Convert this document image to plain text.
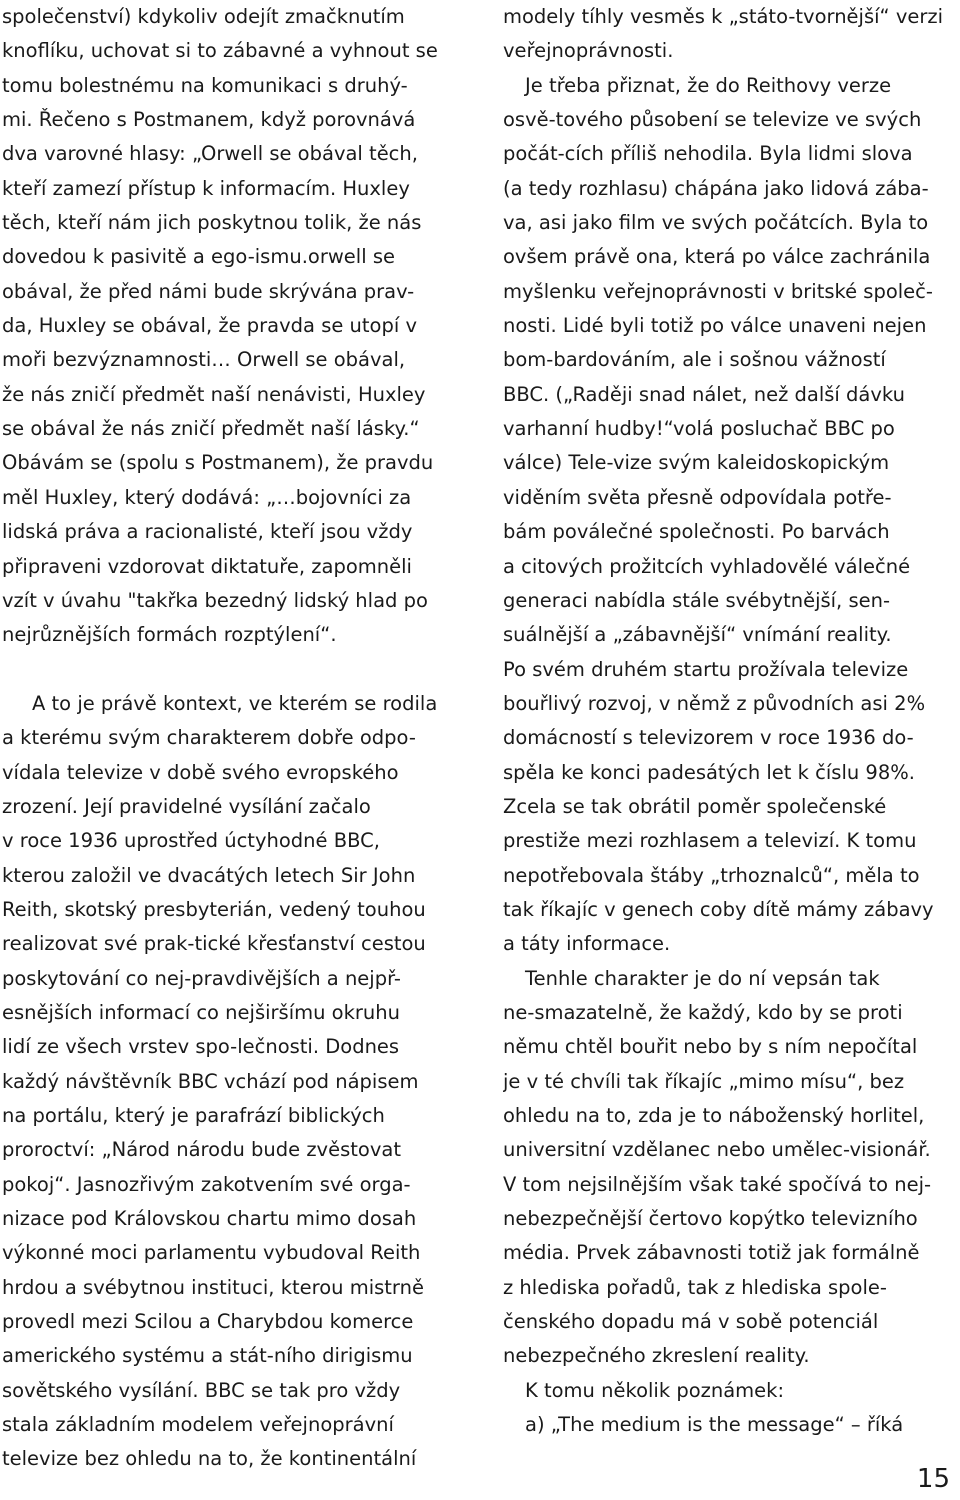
společenství) kdykoliv odejít zmačknutím
knoflíku, uchovat si to zábavné a vyhnout se
tomu bolestnému na komunikaci s druhý-
mi. Řečeno s Postmanem, když porovnává
dva varovné hlasy: „Orwell se obával těch,
kteří zamezí přístup k informacím. Huxley
těch, kteří nám jich poskytnou tolik, že nás
dovedou k pasivitě a ego-ismu.orwell se
obával, že před námi bude skrývána prav-
da, Huxley se obával, že pravda se utopí v
moři bezvýznamnosti… Orwell se obával,
že nás zničí předmět naší nenávisti, Huxley
se obával že nás zničí předmět naší lásky.“
Obávám se (spolu s Postmanem), že pravdu
měl Huxley, který dodává: „…bojovníci za
lidská práva a racionalisté, kteří jsou vždy
připraveni vzdorovat diktatuře, zapomněli
vzít v úvahu "takřka bezedný lidský hlad po
nejrůznějších formách rozptýlení“.
A to je právě kontext, ve kterém se rodila
a kterému svým charakterem dobře odpo-
vídala televize v době svého evropského
zrození. Její pravidelné vysílání začalo
v roce 1936 uprostřed úctyhodné BBC,
kterou založil ve dvacátých letech Sir John
Reith, skotský presbyterián, vedený touhou
realizovat své prak-tické křesťanství cestou
poskytování co nej-pravdivějších a nejpř-
esnějších informací co nejširšímu okruhu
lidí ze všech vrstev spo-lečnosti. Dodnes
každý návštěvník BBC vchází pod nápisem
na portálu, který je parafrází biblických
proroctví: „Národ národu bude zvěstovat
pokoj“. Jasnozřivým zakotvením své orga-
nizace pod Královskou chartu mimo dosah
výkonné moci parlamentu vybudoval Reith
hrdou a svébytnou instituci, kterou mistrně
provedl mezi Scilou a Charybdou komerce
amerického systému a stát-ního dirigismu
sovětského vysílání. BBC se tak pro vždy
stala základním modelem veřejnoprávní
televize bez ohledu na to, že kontinentální
modely tíhly vesměs k „státo-tvornější“ verzi
veřejnoprávnosti.
Je třeba přiznat, že do Reithovy verze
osvě-tového působení se televize ve svých
počát-cích příliš nehodila. Byla lidmi slova
(a tedy rozhlasu) chápána jako lidová zába-
va, asi jako film ve svých počátcích. Byla to
ovšem právě ona, která po válce zachránila
myšlenku veřejnoprávnosti v britské společ-
nosti. Lidé byli totiž po válce unaveni nejen
bom-bardováním, ale i sošnou vážností
BBC. („Raději snad nálet, než další dávku
varhanní hudby!“volá posluchač BBC po
válce) Tele-vize svým kaleidoskopickým
viděním světa přesně odpovídala potře-
bám poválečné společnosti. Po barvách
a citových prožitcích vyhladovělé válečné
generaci nabídla stále svébytnější, sen-
suálnější a „zábavnější“ vnímání reality.
Po svém druhém startu prožívala televize
bouřlivý rozvoj, v němž z původních asi 2%
domácností s televizorem v roce 1936 do-
spěla ke konci padesátých let k číslu 98%.
Zcela se tak obrátil poměr společenské
prestiže mezi rozhlasem a televizí. K tomu
nepotřebovala štáby „trhoznalců“, měla to
tak říkajíc v genech coby dítě mámy zábavy
a táty informace.
Tenhle charakter je do ní vepsán tak
ne-smazatelně, že každý, kdo by se proti
němu chtěl bouřit nebo by s ním nepočítal
je v té chvíli tak říkajíc „mimo mísu“, bez
ohledu na to, zda je to náboženský horlitel,
universitní vzdělanec nebo umělec-visionář.
V tom nejsilnějším však také spočívá to nej-
nebezpečnější čertovo kopýtko televizního
média. Prvek zábavnosti totiž jak formálně
z hlediska pořadů, tak z hlediska spole-
čenského dopadu má v sobě potenciál
nebezpečného zkreslení reality.
K tomu několik poznámek:
a) „The medium is the message“ – říká
15
